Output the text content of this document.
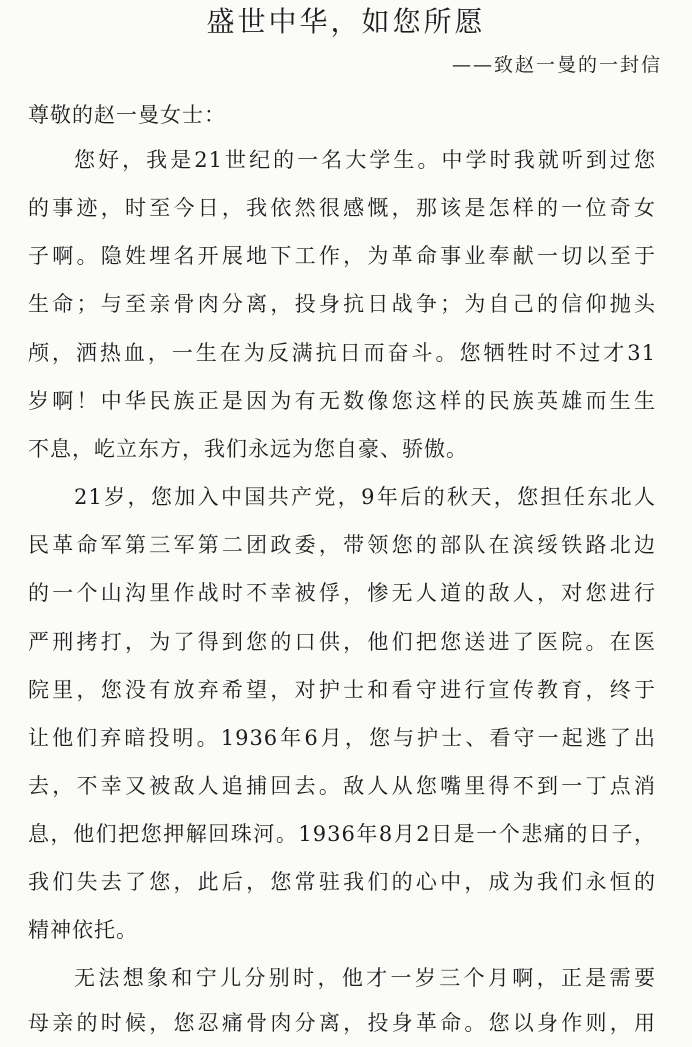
盛世中华，如您所愿
——致赵一曼的一封信
尊敬的赵一曼女士：
您好，我是21世纪的一名大学生。中学时我就听到过您
的事迹，时至今日，我依然很感慨，那该是怎样的一位奇女
子啊。隐姓埋名开展地下工作，为革命事业奉献一切以至于
生命；与至亲骨肉分离，投身抗日战争；为自己的信仰抛头
颅，洒热血，一生在为反满抗日而奋斗。您牺牲时不过才31
岁啊！中华民族正是因为有无数像您这样的民族英雄而生生
不息，屹立东方，我们永远为您自豪、骄傲。
21岁，您加入中国共产党，9年后的秋天，您担任东北人
民革命军第三军第二团政委，带领您的部队在滨绥铁路北边
的一个山沟里作战时不幸被俘，惨无人道的敌人，对您进行
严刑拷打，为了得到您的口供，他们把您送进了医院。在医
院里，您没有放弃希望，对护士和看守进行宣传教育，终于
让他们弃暗投明。1936年6月，您与护士、看守一起逃了出
去，不幸又被敌人追捕回去。敌人从您嘴里得不到一丁点消
息，他们把您押解回珠河。1936年8月2日是一个悲痛的日子，
我们失去了您，此后，您常驻我们的心中，成为我们永恒的
精神依托。
无法想象和宁儿分别时，他才一岁三个月啊，正是需要
母亲的时候，您忍痛骨肉分离，投身革命。您以身作则，用
